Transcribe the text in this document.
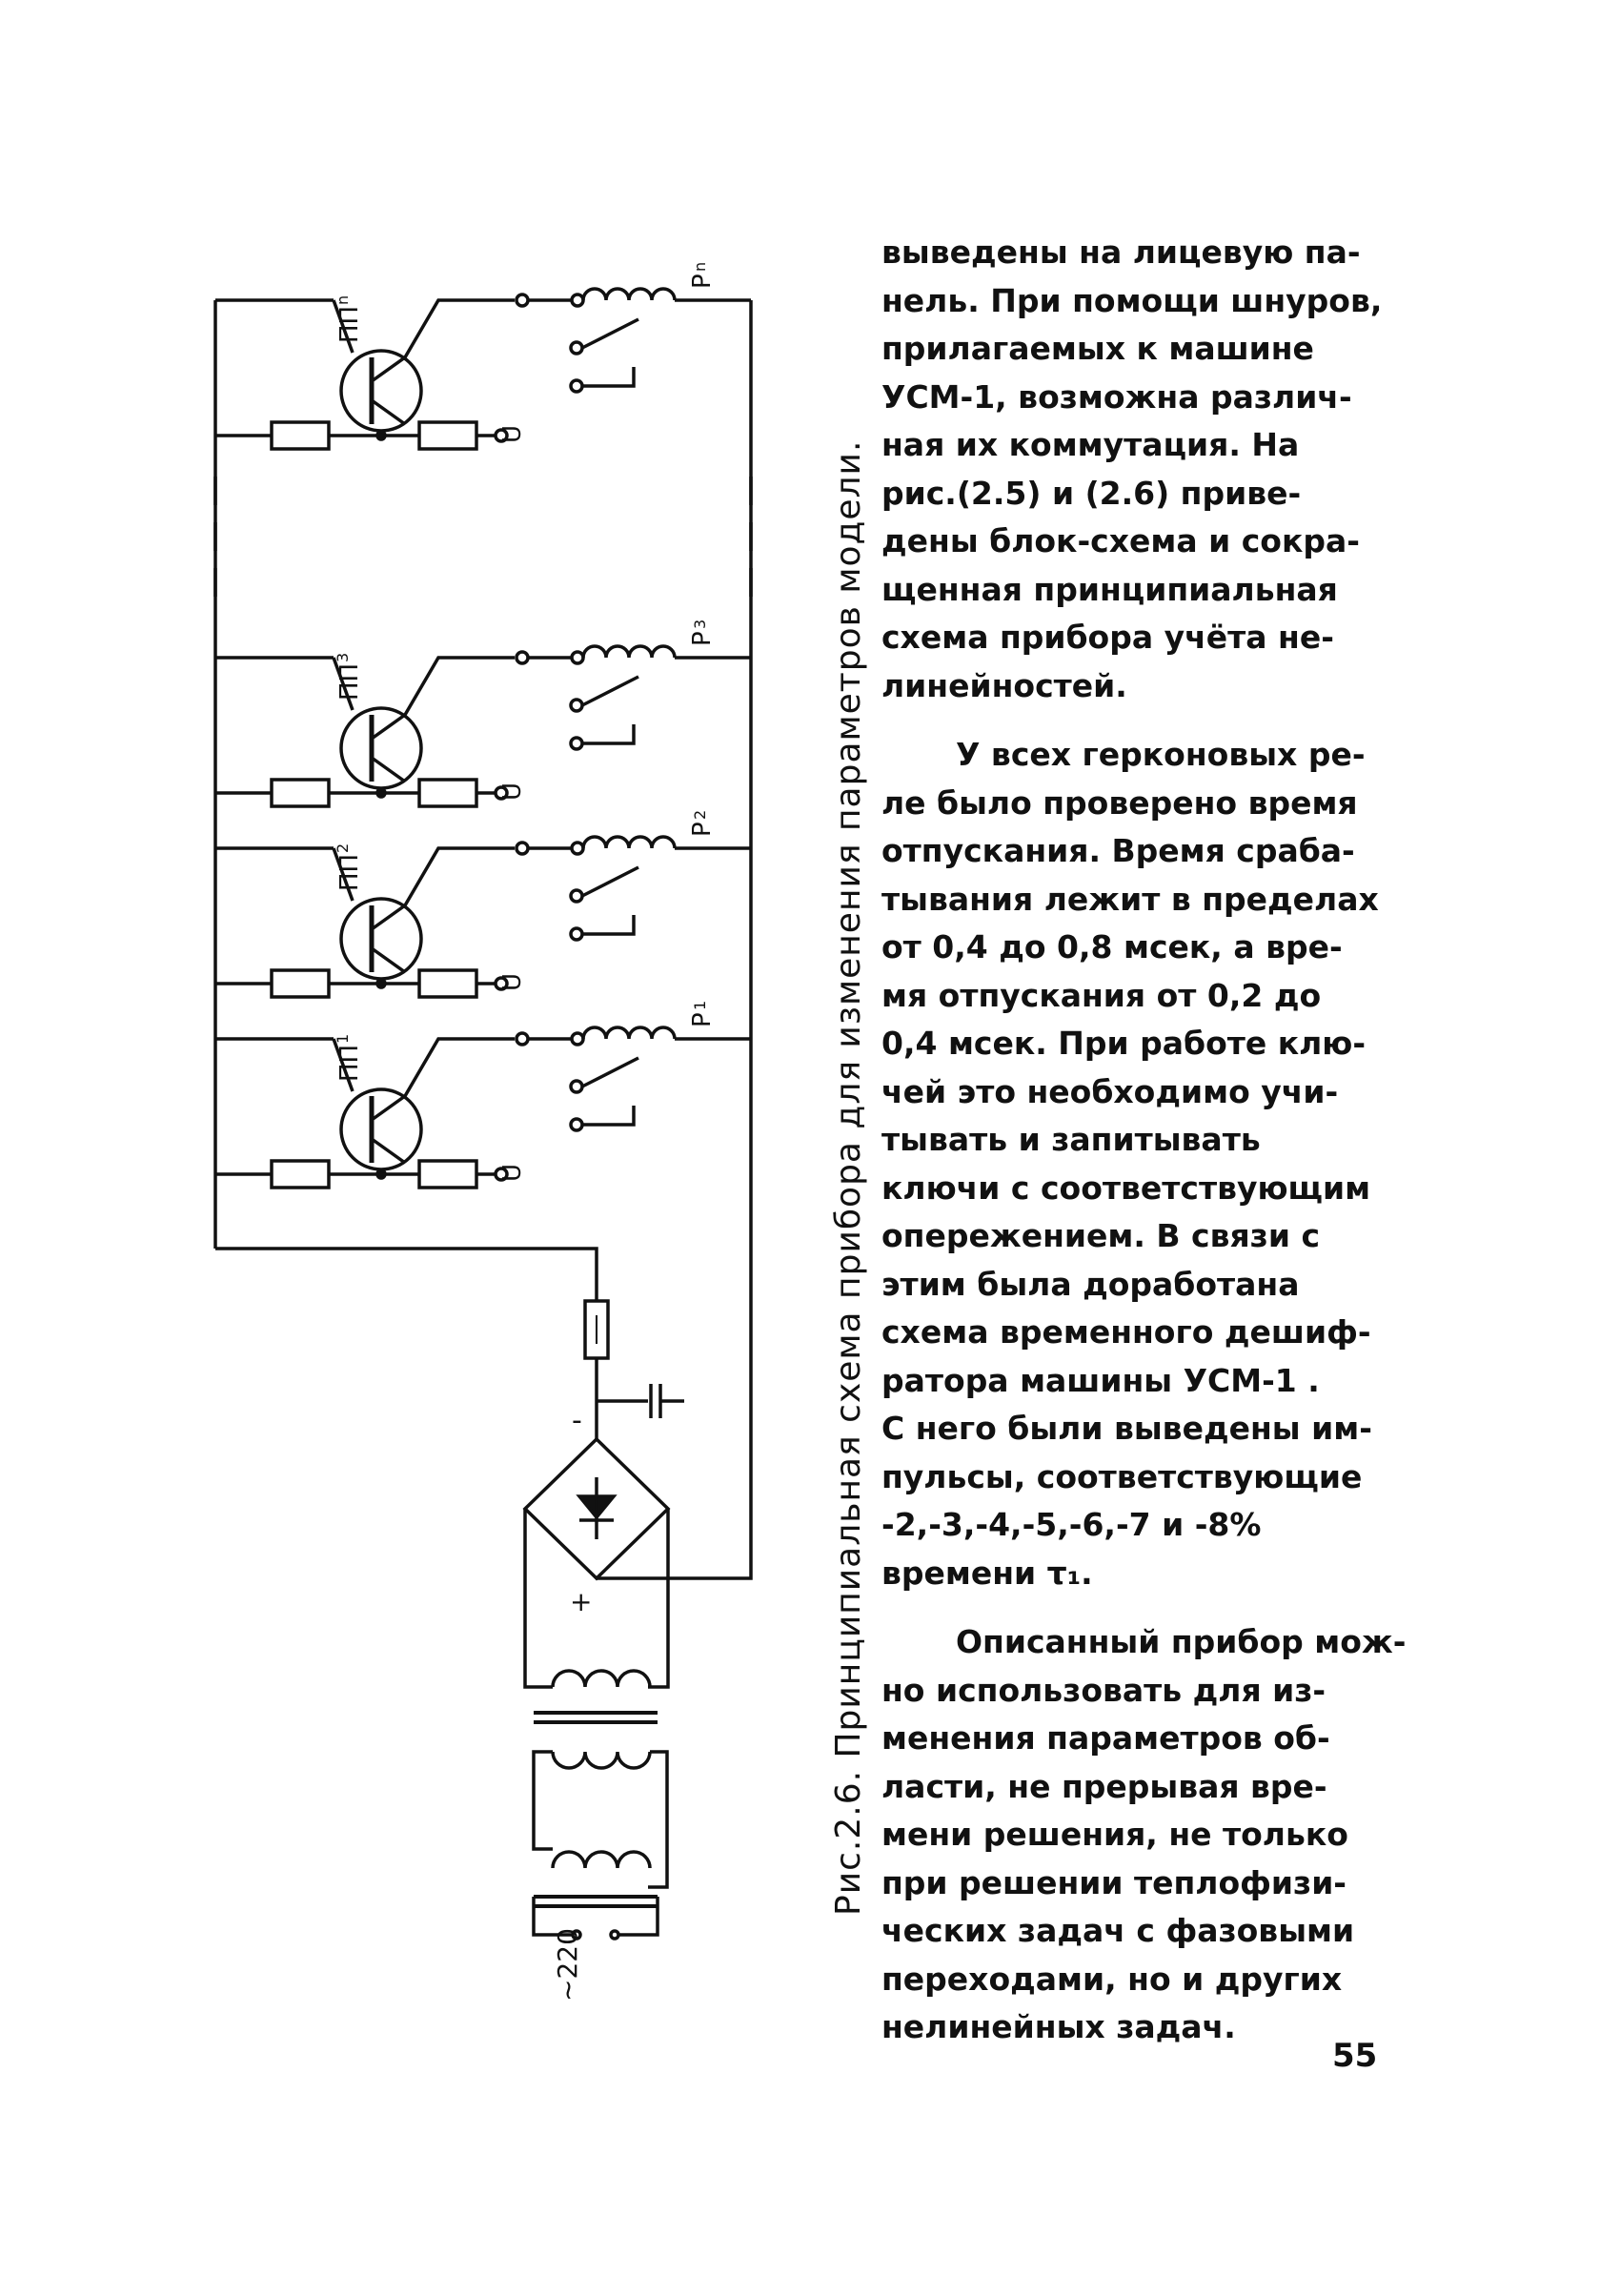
-
+
~220
U
ПП
n
P
n
U
ПП
3
P
3
U
ПП
2
P
2
U
ПП
1
P
1	Рис.2.6. Принципиальная схема прибора для изменения параметров модели.

выведены на лицевую па-
нель. При помощи шнуров,
прилагаемых к машине
УСМ-1, возможна различ-
ная их коммутация. На
рис.(2.5) и (2.6) приве-
дены блок-схема и сокра-
щенная принципиальная
схема прибора учёта не-
линейностей.

У всех герконовых ре-
ле было проверено время
отпускания. Время сраба-
тывания лежит в пределах
от 0,4 до 0,8 мсек, а вре-
мя отпускания от 0,2 до
0,4 мсек. При работе клю-
чей это необходимо учи-
тывать и запитывать
ключи с соответствующим
опережением. В связи с
этим была доработана
схема временного дешиф-
ратора машины УСМ-1 .
С него были выведены им-
пульсы, соответствующие
-2,-3,-4,-5,-6,-7 и -8%
времени τ₁.

Описанный прибор мож-
но использовать для из-
менения параметров об-
ласти, не прерывая вре-
мени решения, не только
при решении теплофизи-
ческих задач с фазовыми
переходами, но и других
нелинейных задач.

55
